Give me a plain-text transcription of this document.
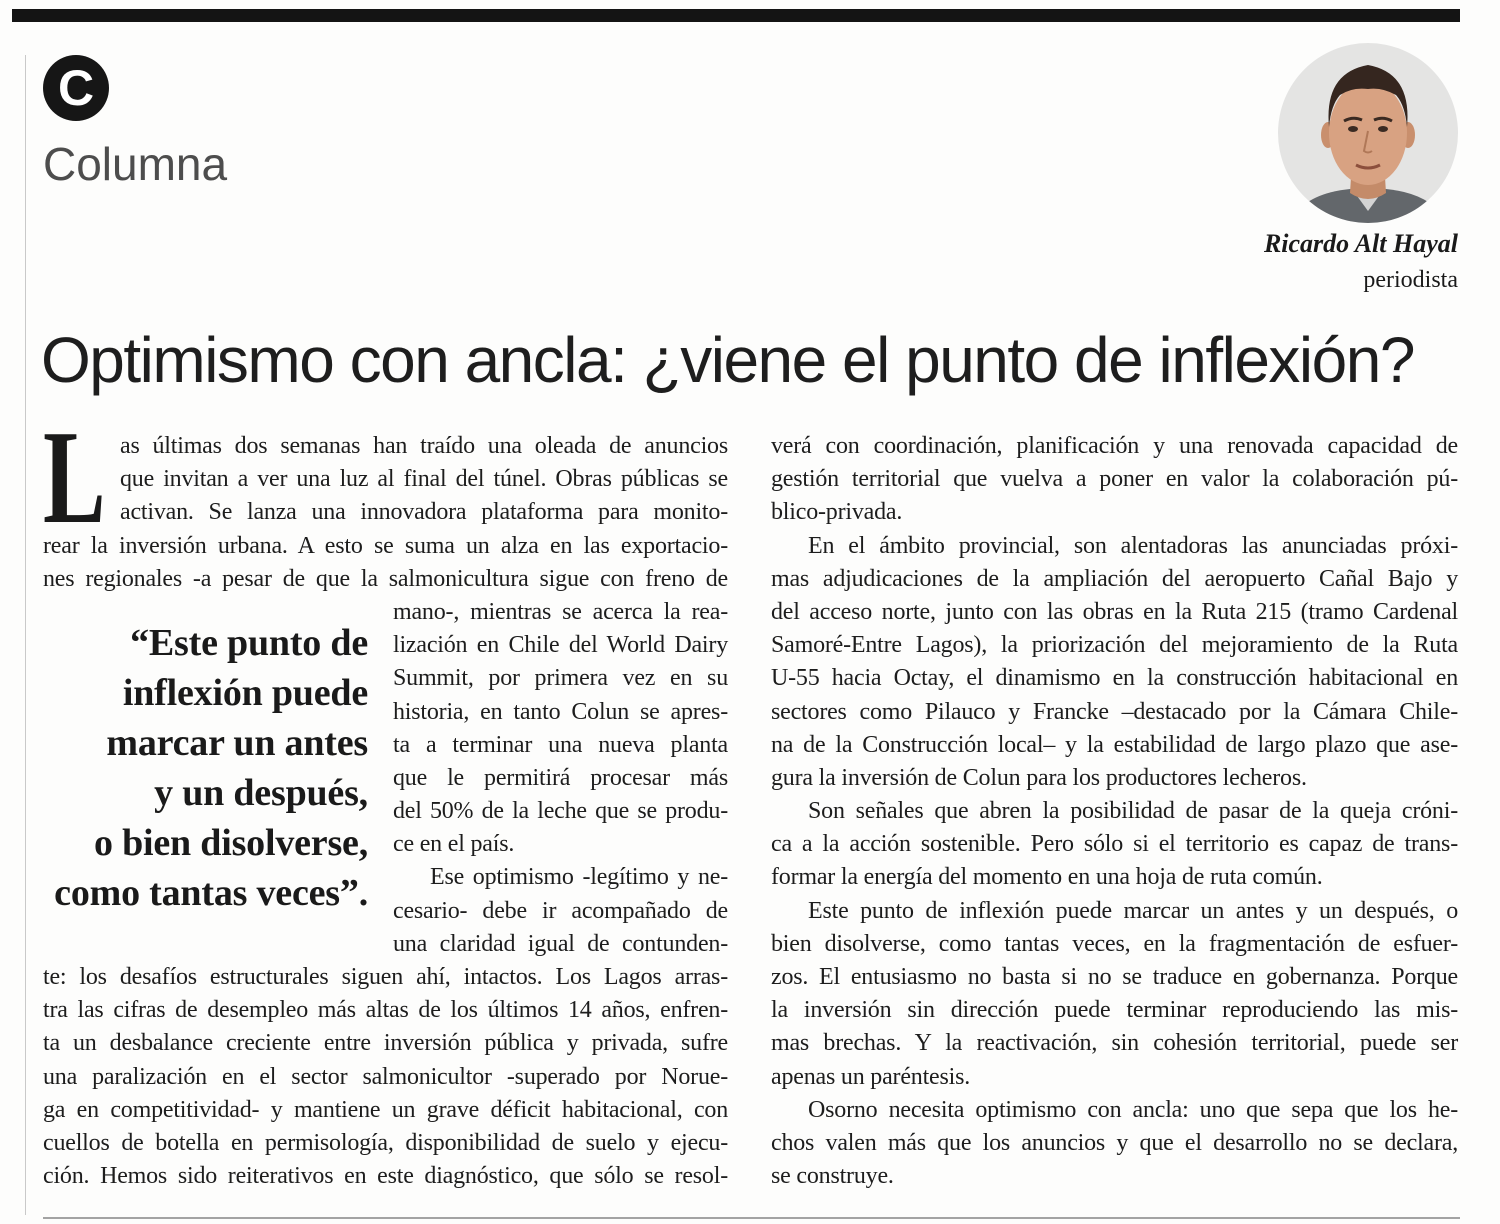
C
Columna
Ricardo Alt Hayal
periodista
Optimismo con ancla: ¿viene el punto de inflexión?
L
“Este punto de
inflexión puede
marcar un antes
y un después,
o bien disolverse,
como tantas veces”.
as últimas dos semanas han traído una oleada de anuncios
que invitan a ver una luz al final del túnel. Obras públicas se
activan. Se lanza una innovadora plataforma para monito-
rear la inversión urbana. A esto se suma un alza en las exportacio-
nes regionales -a pesar de que la salmonicultura sigue con freno de
mano-, mientras se acerca la rea-
lización en Chile del World Dairy
Summit, por primera vez en su
historia, en tanto Colun se apres-
ta a terminar una nueva planta
que le permitirá procesar más
del 50% de la leche que se produ-
ce en el país.
Ese optimismo -legítimo y ne-
cesario- debe ir acompañado de
una claridad igual de contunden-
te: los desafíos estructurales siguen ahí, intactos. Los Lagos arras-
tra las cifras de desempleo más altas de los últimos 14 años, enfren-
ta un desbalance creciente entre inversión pública y privada, sufre
una paralización en el sector salmonicultor -superado por Norue-
ga en competitividad- y mantiene un grave déficit habitacional, con
cuellos de botella en permisología, disponibilidad de suelo y ejecu-
ción. Hemos sido reiterativos en este diagnóstico, que sólo se resol-
verá con coordinación, planificación y una renovada capacidad de
gestión territorial que vuelva a poner en valor la colaboración pú-
blico-privada.
En el ámbito provincial, son alentadoras las anunciadas próxi-
mas adjudicaciones de la ampliación del aeropuerto Cañal Bajo y
del acceso norte, junto con las obras en la Ruta 215 (tramo Cardenal
Samoré-Entre Lagos), la priorización del mejoramiento de la Ruta
U-55 hacia Octay, el dinamismo en la construcción habitacional en
sectores como Pilauco y Francke –destacado por la Cámara Chile-
na de la Construcción local– y la estabilidad de largo plazo que ase-
gura la inversión de Colun para los productores lecheros.
Son señales que abren la posibilidad de pasar de la queja cróni-
ca a la acción sostenible. Pero sólo si el territorio es capaz de trans-
formar la energía del momento en una hoja de ruta común.
Este punto de inflexión puede marcar un antes y un después, o
bien disolverse, como tantas veces, en la fragmentación de esfuer-
zos. El entusiasmo no basta si no se traduce en gobernanza. Porque
la inversión sin dirección puede terminar reproduciendo las mis-
mas brechas. Y la reactivación, sin cohesión territorial, puede ser
apenas un paréntesis.
Osorno necesita optimismo con ancla: uno que sepa que los he-
chos valen más que los anuncios y que el desarrollo no se declara,
se construye.
